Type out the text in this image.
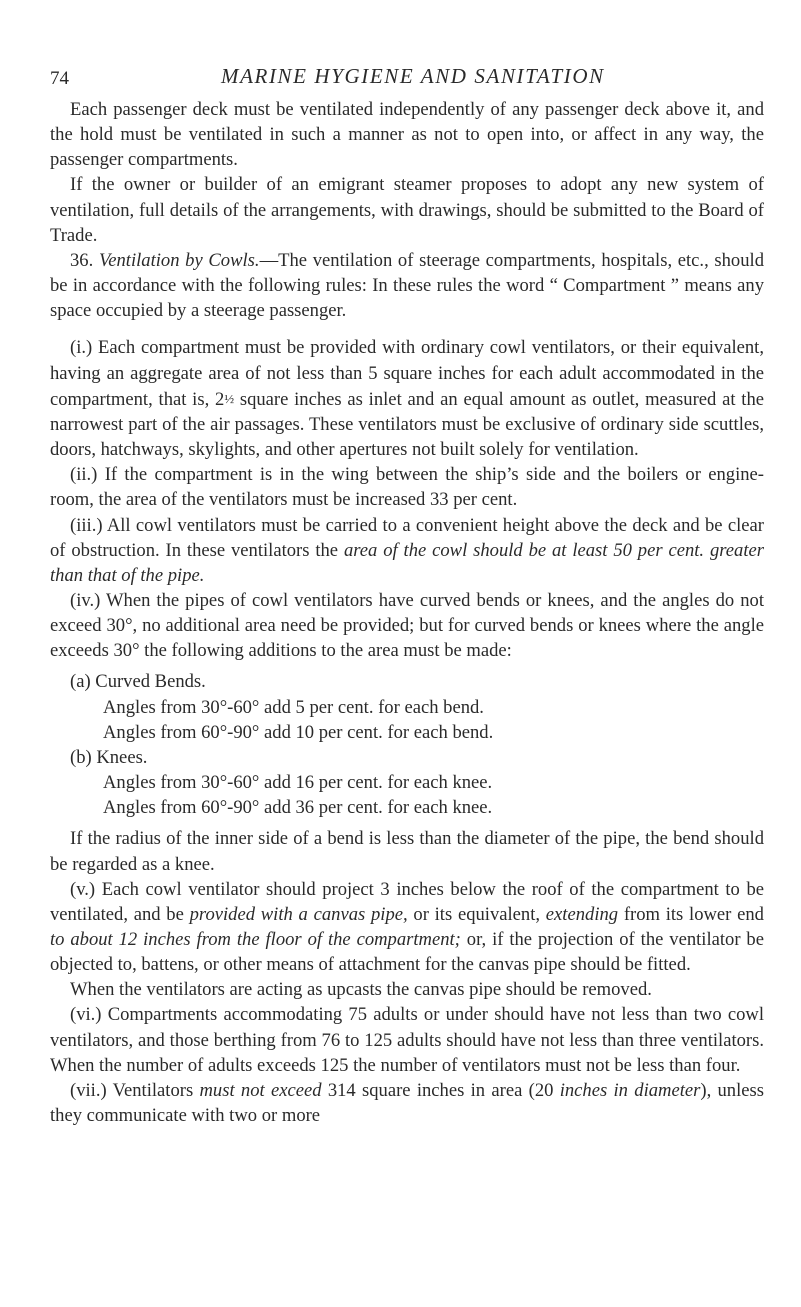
74	MARINE HYGIENE AND SANITATION

Each passenger deck must be ventilated independently of any passenger deck above it, and the hold must be ventilated in such a manner as not to open into, or affect in any way, the passenger compartments.

If the owner or builder of an emigrant steamer proposes to adopt any new system of ventilation, full details of the arrangements, with drawings, should be submitted to the Board of Trade.

36. Ventilation by Cowls.—The ventilation of steerage compartments, hospitals, etc., should be in accordance with the following rules: In these rules the word “ Compartment ” means any space occupied by a steerage passenger.

(i.) Each compartment must be provided with ordinary cowl ventilators, or their equivalent, having an aggregate area of not less than 5 square inches for each adult accommodated in the compartment, that is, 2½ square inches as inlet and an equal amount as outlet, measured at the narrowest part of the air passages. These ventilators must be exclusive of ordinary side scuttles, doors, hatchways, skylights, and other apertures not built solely for ventilation.

(ii.) If the compartment is in the wing between the ship’s side and the boilers or engine-room, the area of the ventilators must be increased 33 per cent.

(iii.) All cowl ventilators must be carried to a convenient height above the deck and be clear of obstruction. In these ventilators the area of the cowl should be at least 50 per cent. greater than that of the pipe.

(iv.) When the pipes of cowl ventilators have curved bends or knees, and the angles do not exceed 30°, no additional area need be provided; but for curved bends or knees where the angle exceeds 30° the following additions to the area must be made:

(a) Curved Bends.

Angles from 30°-60° add 5 per cent. for each bend.

Angles from 60°-90° add 10 per cent. for each bend.

(b) Knees.

Angles from 30°-60° add 16 per cent. for each knee.

Angles from 60°-90° add 36 per cent. for each knee.

If the radius of the inner side of a bend is less than the diameter of the pipe, the bend should be regarded as a knee.

(v.) Each cowl ventilator should project 3 inches below the roof of the compartment to be ventilated, and be provided with a canvas pipe, or its equivalent, extending from its lower end to about 12 inches from the floor of the compartment; or, if the projection of the ventilator be objected to, battens, or other means of attachment for the canvas pipe should be fitted.

When the ventilators are acting as upcasts the canvas pipe should be removed.

(vi.) Compartments accommodating 75 adults or under should have not less than two cowl ventilators, and those berthing from 76 to 125 adults should have not less than three ventilators. When the number of adults exceeds 125 the number of ventilators must not be less than four.

(vii.) Ventilators must not exceed 314 square inches in area (20 inches in diameter), unless they communicate with two or more
